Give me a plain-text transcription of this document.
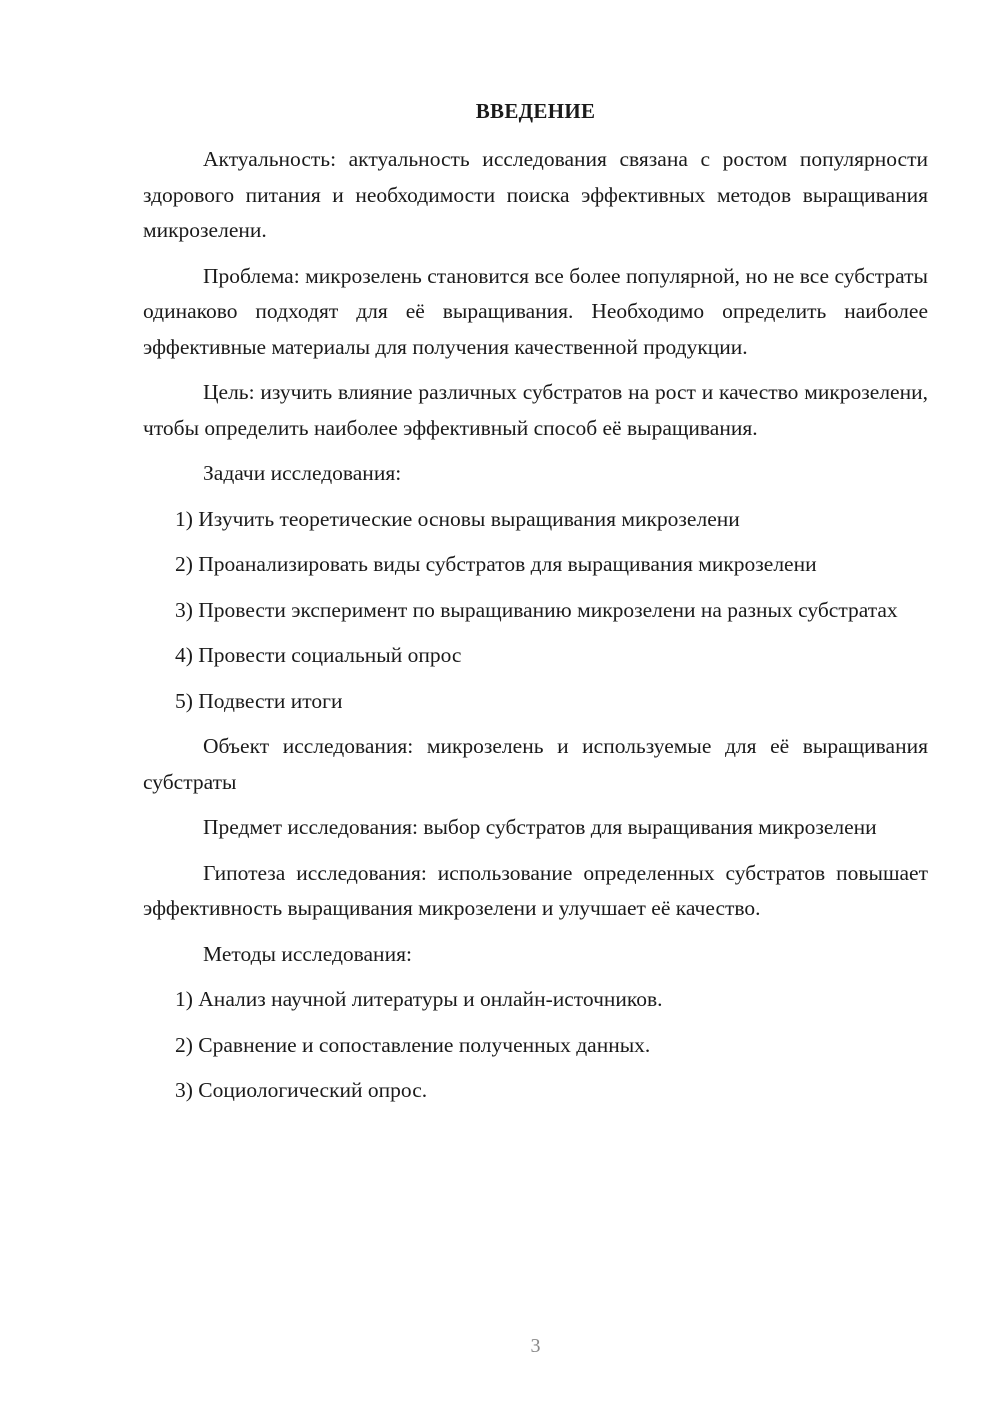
ВВЕДЕНИЕ

Актуальность: актуальность исследования связана с ростом популярности здорового питания и необходимости поиска эффективных методов выращивания микрозелени.

Проблема: микрозелень становится все более популярной, но не все субстраты одинаково подходят для её выращивания. Необходимо определить наиболее эффективные материалы для получения качественной продукции.

Цель: изучить влияние различных субстратов на рост и качество микрозелени, чтобы определить наиболее эффективный способ её выращивания.

Задачи исследования:

1) Изучить теоретические основы выращивания микрозелени

2) Проанализировать виды субстратов для выращивания микрозелени

3) Провести эксперимент по выращиванию микрозелени на разных субстратах

4) Провести социальный опрос

5) Подвести итоги

Объект исследования: микрозелень и используемые для её выращивания субстраты

Предмет исследования: выбор субстратов для выращивания микрозелени

Гипотеза исследования: использование определенных субстратов повышает эффективность выращивания микрозелени и улучшает её качество.

Методы исследования:

1) Анализ научной литературы и онлайн-источников.

2) Сравнение и сопоставление полученных данных.

3) Социологический опрос.

3
